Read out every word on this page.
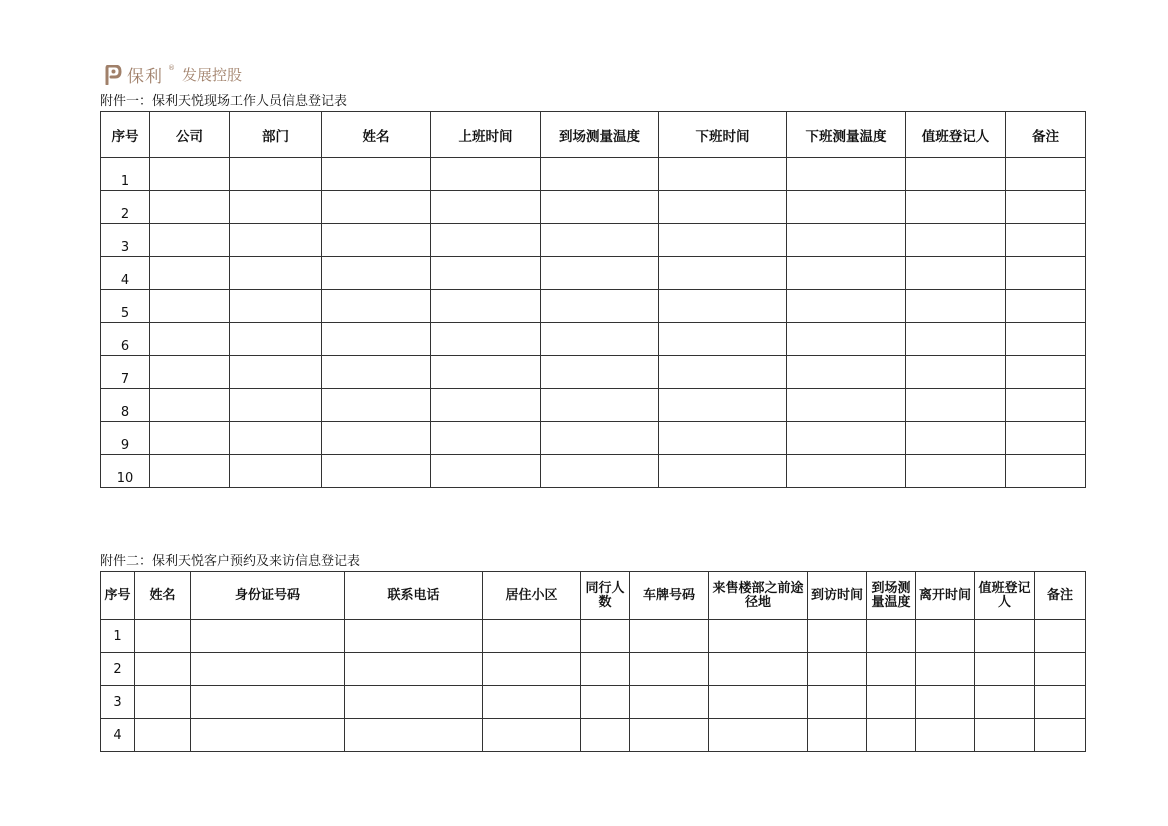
保利 ® 发展控股
附件一：保利天悦现场工作人员信息登记表
序号	公司	部门	姓名	上班时间	到场测量温度	下班时间	下班测量温度	值班登记人	备注
1									
2									
3									
4									
5									
6									
7									
8									
9									
10									
附件二：保利天悦客户预约及来访信息登记表
序号	姓名	身份证号码	联系电话	居住小区	同行人数	车牌号码	来售楼部之前途径地	到访时间	到场测量温度	离开时间	值班登记人	备注
1												
2												
3												
4												
